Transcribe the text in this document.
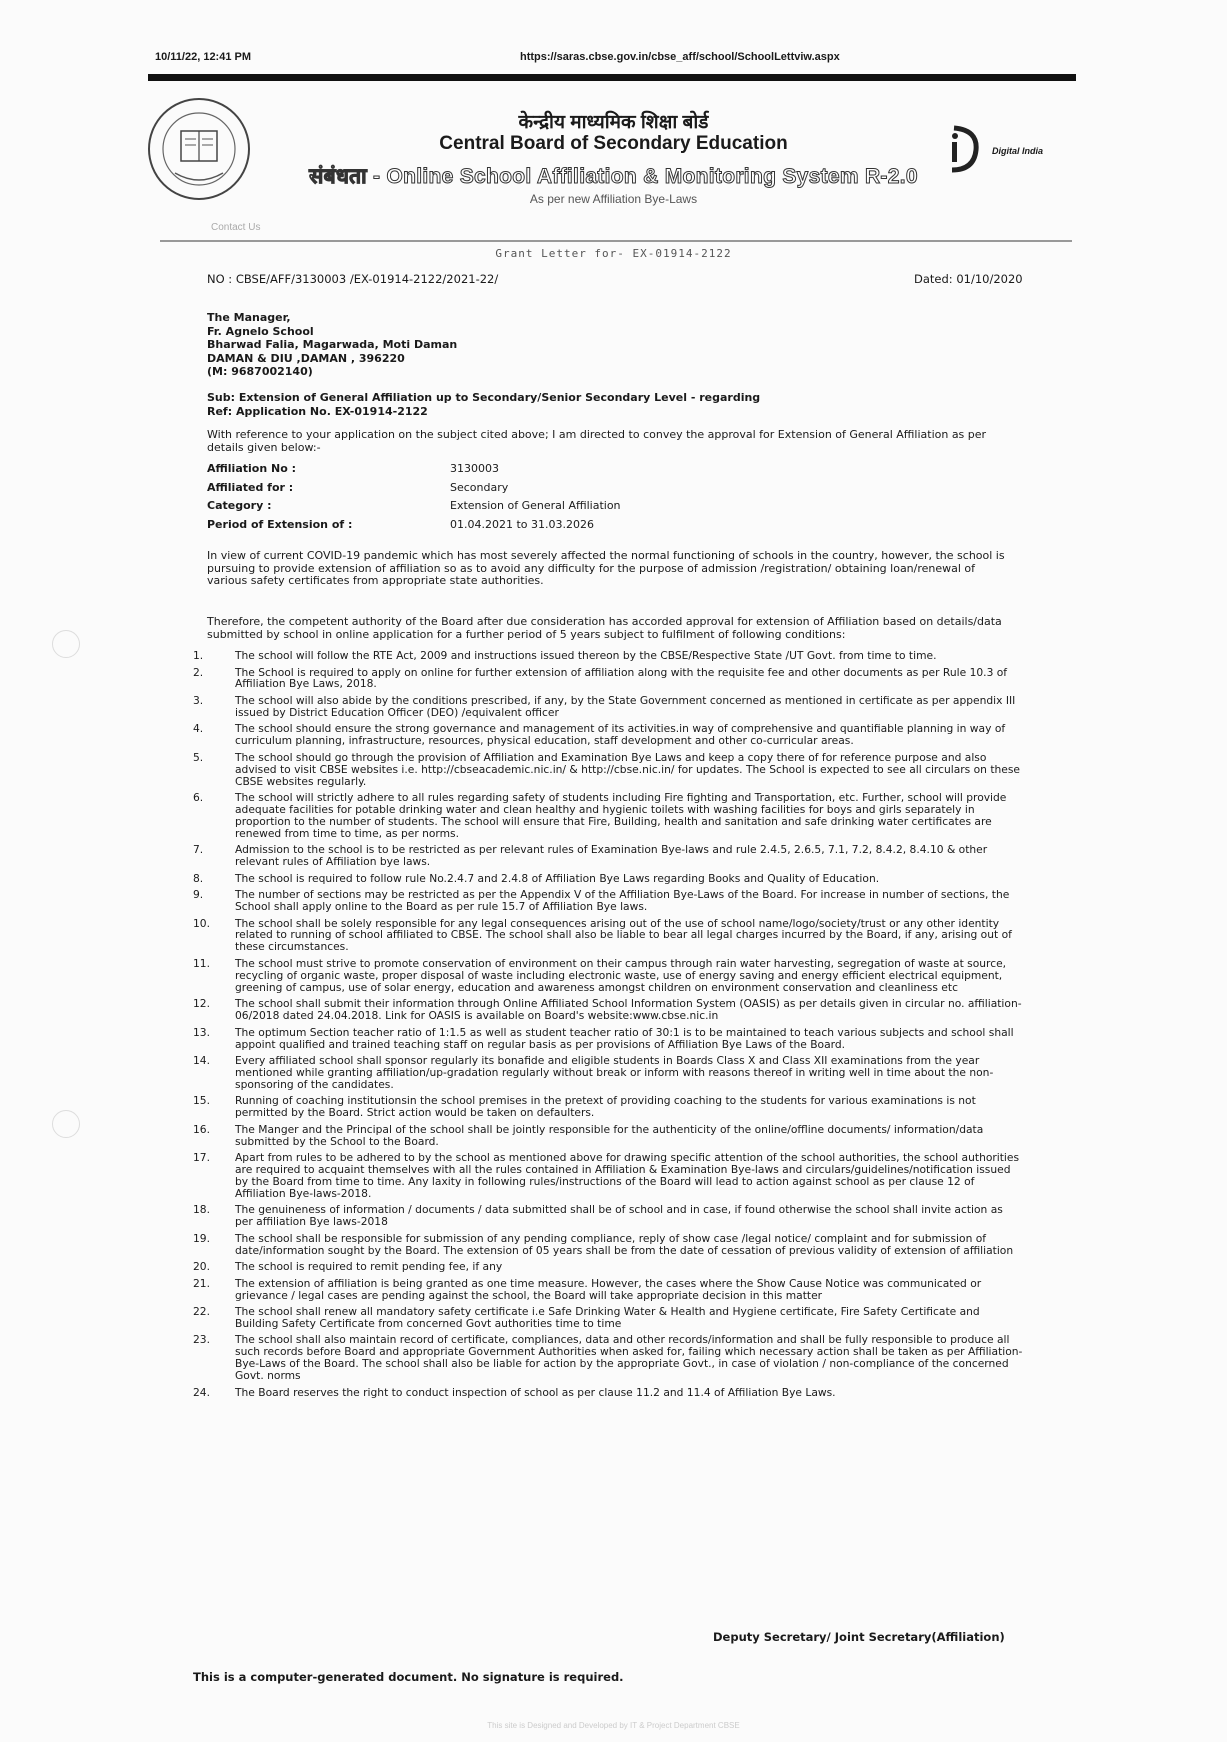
10/11/22, 12:41 PM	https://saras.cbse.gov.in/cbse_aff/school/SchoolLettviw.aspx
केन्द्रीय माध्यमिक शिक्षा बोर्ड
Central Board of Secondary Education
संबंधता - Online School Affiliation & Monitoring System R-2.0
As per new Affiliation Bye-Laws
Digital India
Contact Us
Grant Letter for- EX-01914-2122
NO : CBSE/AFF/3130003 /EX-01914-2122/2021-22/	Dated: 01/10/2020
The Manager,
Fr. Agnelo School
Bharwad Falia, Magarwada, Moti Daman
DAMAN & DIU ,DAMAN , 396220
(M: 9687002140)
Sub: Extension of General Affiliation up to Secondary/Senior Secondary Level - regarding
Ref: Application No. EX-01914-2122
With reference to your application on the subject cited above; I am directed to convey the approval for Extension of General Affiliation as per details given below:-
Affiliation No :	3130003
Affiliated for :	Secondary
Category :	Extension of General Affiliation
Period of Extension of :	01.04.2021 to 31.03.2026
In view of current COVID-19 pandemic which has most severely affected the normal functioning of schools in the country, however, the school is pursuing to provide extension of affiliation so as to avoid any difficulty for the purpose of admission /registration/ obtaining loan/renewal of various safety certificates from appropriate state authorities.
Therefore, the competent authority of the Board after due consideration has accorded approval for extension of Affiliation based on details/data submitted by school in online application for a further period of 5 years subject to fulfilment of following conditions:
1.	The school will follow the RTE Act, 2009 and instructions issued thereon by the CBSE/Respective State /UT Govt. from time to time.
2.	The School is required to apply on online for further extension of affiliation along with the requisite fee and other documents as per Rule 10.3 of Affiliation Bye Laws, 2018.
3.	The school will also abide by the conditions prescribed, if any, by the State Government concerned as mentioned in certificate as per appendix III issued by District Education Officer (DEO) /equivalent officer
4.	The school should ensure the strong governance and management of its activities.in way of comprehensive and quantifiable planning in way of curriculum planning, infrastructure, resources, physical education, staff development and other co-curricular areas.
5.	The school should go through the provision of Affiliation and Examination Bye Laws and keep a copy there of for reference purpose and also advised to visit CBSE websites i.e. http://cbseacademic.nic.in/ & http://cbse.nic.in/ for updates. The School is expected to see all circulars on these CBSE websites regularly.
6.	The school will strictly adhere to all rules regarding safety of students including Fire fighting and Transportation, etc. Further, school will provide adequate facilities for potable drinking water and clean healthy and hygienic toilets with washing facilities for boys and girls separately in proportion to the number of students. The school will ensure that Fire, Building, health and sanitation and safe drinking water certificates are renewed from time to time, as per norms.
7.	Admission to the school is to be restricted as per relevant rules of Examination Bye-laws and rule 2.4.5, 2.6.5, 7.1, 7.2, 8.4.2, 8.4.10 & other relevant rules of Affiliation bye laws.
8.	The school is required to follow rule No.2.4.7 and 2.4.8 of Affiliation Bye Laws regarding Books and Quality of Education.
9.	The number of sections may be restricted as per the Appendix V of the Affiliation Bye-Laws of the Board. For increase in number of sections, the School shall apply online to the Board as per rule 15.7 of Affiliation Bye laws.
10.	The school shall be solely responsible for any legal consequences arising out of the use of school name/logo/society/trust or any other identity related to running of school affiliated to CBSE. The school shall also be liable to bear all legal charges incurred by the Board, if any, arising out of these circumstances.
11.	The school must strive to promote conservation of environment on their campus through rain water harvesting, segregation of waste at source, recycling of organic waste, proper disposal of waste including electronic waste, use of energy saving and energy efficient electrical equipment, greening of campus, use of solar energy, education and awareness amongst children on environment conservation and cleanliness etc
12.	The school shall submit their information through Online Affiliated School Information System (OASIS) as per details given in circular no. affiliation-06/2018 dated 24.04.2018. Link for OASIS is available on Board's website:www.cbse.nic.in
13.	The optimum Section teacher ratio of 1:1.5 as well as student teacher ratio of 30:1 is to be maintained to teach various subjects and school shall appoint qualified and trained teaching staff on regular basis as per provisions of Affiliation Bye Laws of the Board.
14.	Every affiliated school shall sponsor regularly its bonafide and eligible students in Boards Class X and Class XII examinations from the year mentioned while granting affiliation/up-gradation regularly without break or inform with reasons thereof in writing well in time about the non-sponsoring of the candidates.
15.	Running of coaching institutionsin the school premises in the pretext of providing coaching to the students for various examinations is not permitted by the Board. Strict action would be taken on defaulters.
16.	The Manger and the Principal of the school shall be jointly responsible for the authenticity of the online/offline documents/ information/data submitted by the School to the Board.
17.	Apart from rules to be adhered to by the school as mentioned above for drawing specific attention of the school authorities, the school authorities are required to acquaint themselves with all the rules contained in Affiliation & Examination Bye-laws and circulars/guidelines/notification issued by the Board from time to time. Any laxity in following rules/instructions of the Board will lead to action against school as per clause 12 of Affiliation Bye-laws-2018.
18.	The genuineness of information / documents / data submitted shall be of school and in case, if found otherwise the school shall invite action as per affiliation Bye laws-2018
19.	The school shall be responsible for submission of any pending compliance, reply of show case /legal notice/ complaint and for submission of date/information sought by the Board. The extension of 05 years shall be from the date of cessation of previous validity of extension of affiliation
20.	The school is required to remit pending fee, if any
21.	The extension of affiliation is being granted as one time measure. However, the cases where the Show Cause Notice was communicated or grievance / legal cases are pending against the school, the Board will take appropriate decision in this matter
22.	The school shall renew all mandatory safety certificate i.e Safe Drinking Water & Health and Hygiene certificate, Fire Safety Certificate and Building Safety Certificate from concerned Govt authorities time to time
23.	The school shall also maintain record of certificate, compliances, data and other records/information and shall be fully responsible to produce all such records before Board and appropriate Government Authorities when asked for, failing which necessary action shall be taken as per Affiliation-Bye-Laws of the Board. The school shall also be liable for action by the appropriate Govt., in case of violation / non-compliance of the concerned Govt. norms
24.	The Board reserves the right to conduct inspection of school as per clause 11.2 and 11.4 of Affiliation Bye Laws.
Deputy Secretary/ Joint Secretary(Affiliation)
This is a computer-generated document. No signature is required.
This site is Designed and Developed by IT & Project Department CBSE
